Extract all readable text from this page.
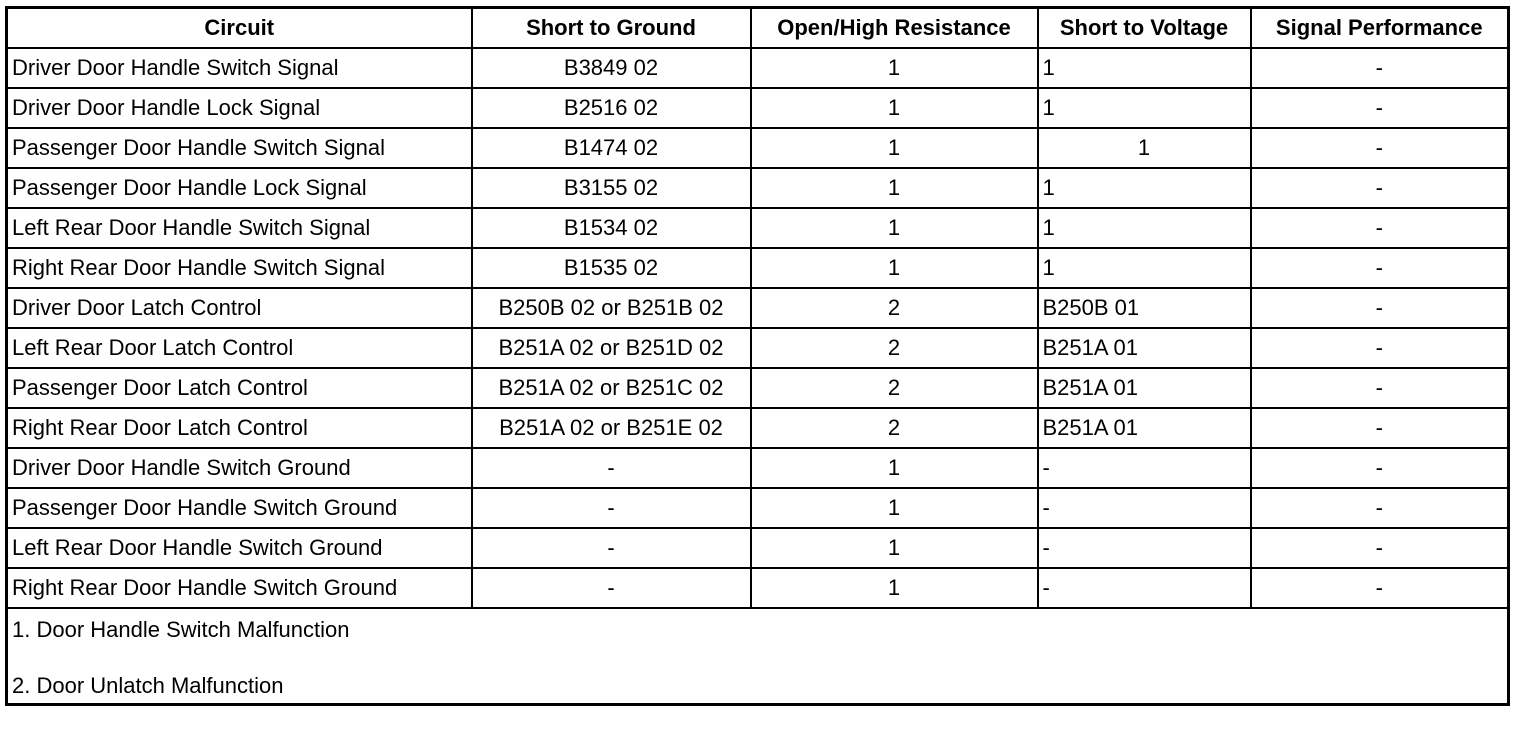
Circuit	Short to Ground	Open/High Resistance	Short to Voltage	Signal Performance
Driver Door Handle Switch Signal	B3849 02	1	1	-
Driver Door Handle Lock Signal	B2516 02	1	1	-
Passenger Door Handle Switch Signal	B1474 02	1	1	-
Passenger Door Handle Lock Signal	B3155 02	1	1	-
Left Rear Door Handle Switch Signal	B1534 02	1	1	-
Right Rear Door Handle Switch Signal	B1535 02	1	1	-
Driver Door Latch Control	B250B 02 or B251B 02	2	B250B 01	-
Left Rear Door Latch Control	B251A 02 or B251D 02	2	B251A 01	-
Passenger Door Latch Control	B251A 02 or B251C 02	2	B251A 01	-
Right Rear Door Latch Control	B251A 02 or B251E 02	2	B251A 01	-
Driver Door Handle Switch Ground	-	1	-	-
Passenger Door Handle Switch Ground	-	1	-	-
Left Rear Door Handle Switch Ground	-	1	-	-
Right Rear Door Handle Switch Ground	-	1	-	-

1. Door Handle Switch Malfunction
2. Door Unlatch Malfunction				
